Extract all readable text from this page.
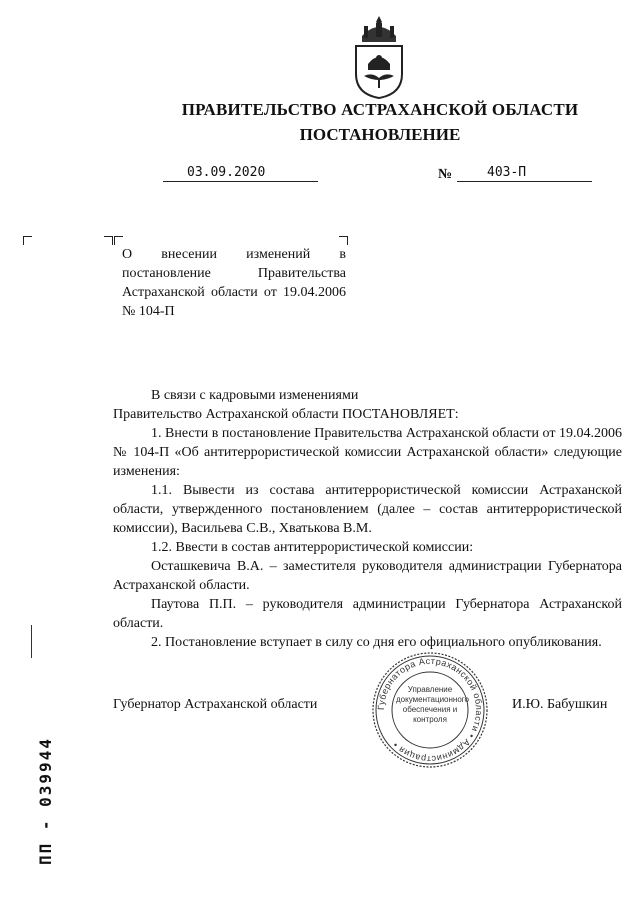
ПРАВИТЕЛЬСТВО АСТРАХАНСКОЙ ОБЛАСТИ
ПОСТАНОВЛЕНИЕ
03.09.2020	№	403-П
О внесении изменений в постановление Правительства Астраханской области от 19.04.2006 № 104-П

В связи с кадровыми изменениями

Правительство Астраханской области ПОСТАНОВЛЯЕТ:

1. Внести в постановление Правительства Астраханской области от 19.04.2006 № 104-П «Об антитеррористической комиссии Астраханской области» следующие изменения:

1.1. Вывести из состава антитеррористической комиссии Астраханской области, утвержденного постановлением (далее – состав антитеррористической комиссии), Васильева С.В., Хватькова В.М.

1.2. Ввести в состав антитеррористической комиссии:

Осташкевича В.А. – заместителя руководителя администрации Губернатора Астраханской области.

Паутова П.П. – руководителя администрации Губернатора Астраханской области.

2. Постановление вступает в силу со дня его официального опубликования.

Губернатор Астраханской области	И.Ю. Бабушкин
Губернатора Астраханской области • Администрация •
Управление документационного обеспечения и контроля
ПП - 039944
